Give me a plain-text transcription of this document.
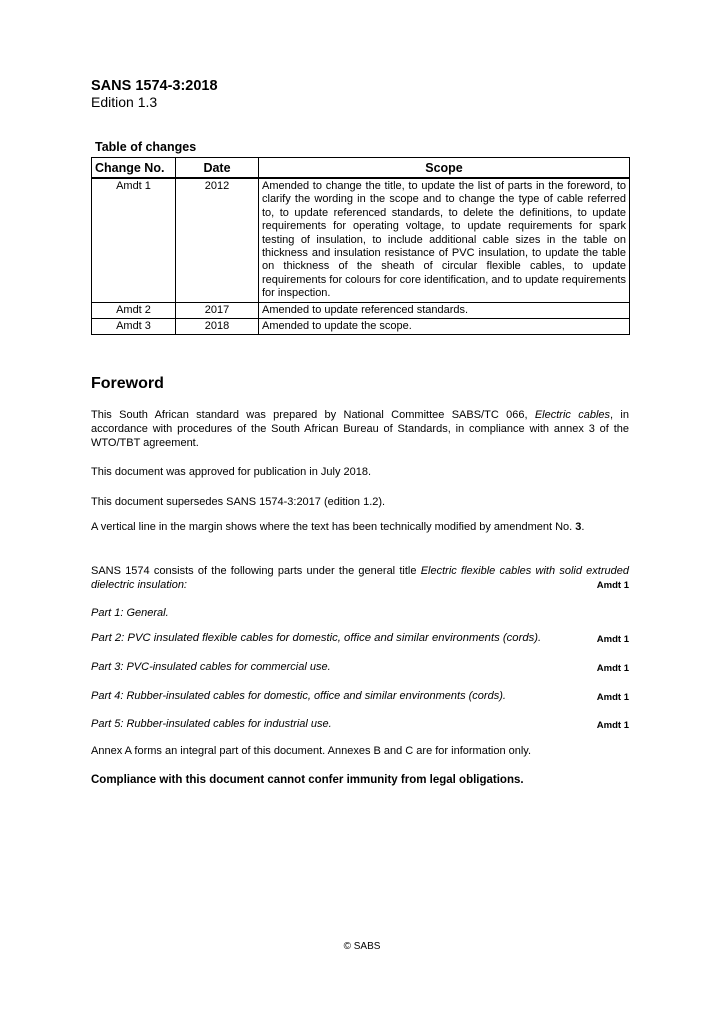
SANS 1574-3:2018
Edition 1.3
Table of changes
Change No.	Date	Scope
Amdt 1	2012	Amended to change the title, to update the list of parts in the foreword, to clarify the wording in the scope and to change the type of cable referred to, to update referenced standards, to delete the definitions, to update requirements for operating voltage, to update requirements for spark testing of insulation, to include additional cable sizes in the table on thickness and insulation resistance of PVC insulation, to update the table on thickness of the sheath of circular flexible cables, to update requirements for colours for core identification, and to update requirements for inspection.
Amdt 2	2017	Amended to update referenced standards.
Amdt 3	2018	Amended to update the scope.
Foreword
This South African standard was prepared by National Committee SABS/TC 066, Electric cables, in accordance with procedures of the South African Bureau of Standards, in compliance with annex 3 of the WTO/TBT agreement.
This document was approved for publication in July 2018.
This document supersedes SANS 1574-3:2017 (edition 1.2).
A vertical line in the margin shows where the text has been technically modified by amendment No. 3.
SANS 1574 consists of the following parts under the general title Electric flexible cables with solid extruded dielectric insulation:	Amdt 1
Part 1: General.
Part 2: PVC insulated flexible cables for domestic, office and similar environments (cords).	Amdt 1
Part 3: PVC-insulated cables for commercial use.	Amdt 1
Part 4: Rubber-insulated cables for domestic, office and similar environments (cords).	Amdt 1
Part 5: Rubber-insulated cables for industrial use.	Amdt 1
Annex A forms an integral part of this document. Annexes B and C are for information only.
Compliance with this document cannot confer immunity from legal obligations.
© SABS
